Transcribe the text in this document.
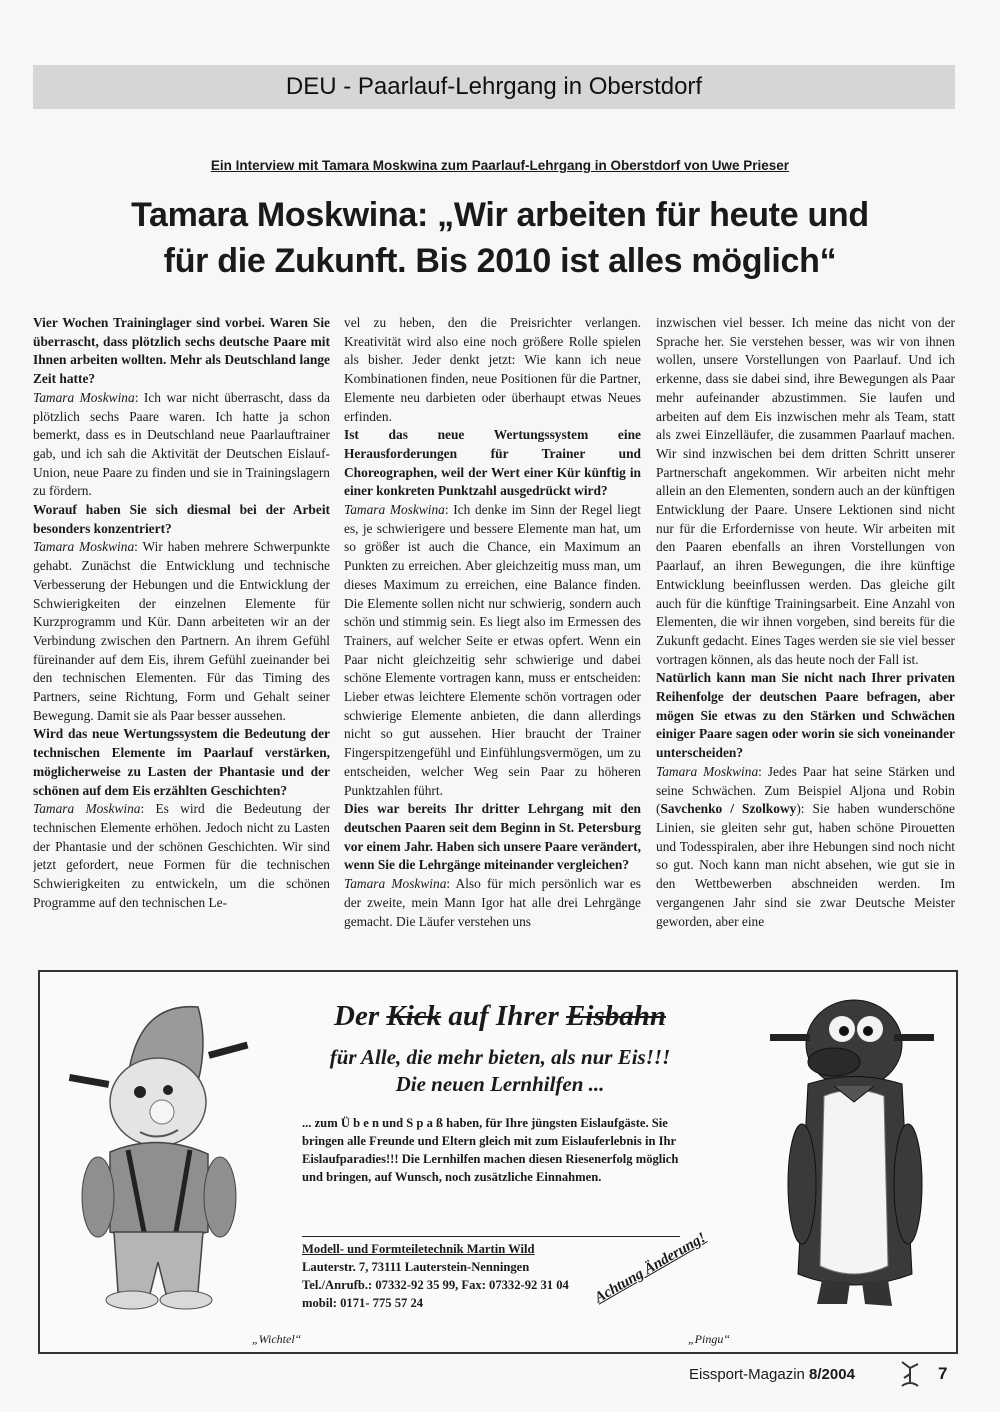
DEU - Paarlauf-Lehrgang in Oberstdorf
Ein Interview mit Tamara Moskwina zum Paarlauf-Lehrgang in Oberstdorf von Uwe Prieser
Tamara Moskwina: „Wir arbeiten für heute und
für die Zukunft. Bis 2010 ist alles möglich“

Vier Wochen Traininglager sind vorbei. Waren Sie überrascht, dass plötzlich sechs deutsche Paare mit Ihnen arbeiten wollten. Mehr als Deutschland lange Zeit hatte?

Tamara Moskwina: Ich war nicht überrascht, dass da plötzlich sechs Paare waren. Ich hatte ja schon bemerkt, dass es in Deutschland neue Paarlauftrainer gab, und ich sah die Aktivität der Deutschen Eislauf-Union, neue Paare zu finden und sie in Trainingslagern zu fördern.

Worauf haben Sie sich diesmal bei der Arbeit besonders konzentriert?

Tamara Moskwina: Wir haben mehrere Schwerpunkte gehabt. Zunächst die Entwicklung und technische Verbesserung der Hebungen und die Entwicklung der Schwierigkeiten der einzelnen Elemente für Kurzprogramm und Kür. Dann arbeiteten wir an der Verbindung zwischen den Partnern. An ihrem Gefühl füreinander auf dem Eis, ihrem Gefühl zueinander bei den technischen Elementen. Für das Timing des Partners, seine Richtung, Form und Gehalt seiner Bewegung. Damit sie als Paar besser aussehen.

Wird das neue Wertungssystem die Bedeutung der technischen Elemente im Paarlauf verstärken, möglicherweise zu Lasten der Phantasie und der schönen auf dem Eis erzählten Geschichten?

Tamara Moskwina: Es wird die Bedeutung der technischen Elemente erhöhen. Jedoch nicht zu Lasten der Phantasie und der schönen Geschichten. Wir sind jetzt gefordert, neue Formen für die technischen Schwierigkeiten zu entwickeln, um die schönen Programme auf den technischen Le-

vel zu heben, den die Preisrichter verlangen. Kreativität wird also eine noch größere Rolle spielen als bisher. Jeder denkt jetzt: Wie kann ich neue Kombinationen finden, neue Positionen für die Partner, Elemente neu darbieten oder überhaupt etwas Neues erfinden.

Ist das neue Wertungssystem eine Herausforderungen für Trainer und Choreographen, weil der Wert einer Kür künftig in einer konkreten Punktzahl ausgedrückt wird?

Tamara Moskwina: Ich denke im Sinn der Regel liegt es, je schwierigere und bessere Elemente man hat, um so größer ist auch die Chance, ein Maximum an Punkten zu erreichen. Aber gleichzeitig muss man, um dieses Maximum zu erreichen, eine Balance finden. Die Elemente sollen nicht nur schwierig, sondern auch schön und stimmig sein. Es liegt also im Ermessen des Trainers, auf welcher Seite er etwas opfert. Wenn ein Paar nicht gleichzeitig sehr schwierige und dabei schöne Elemente vortragen kann, muss er entscheiden: Lieber etwas leichtere Elemente schön vortragen oder schwierige Elemente anbieten, die dann allerdings nicht so gut aussehen. Hier braucht der Trainer Fingerspitzengefühl und Einfühlungsvermögen, um zu entscheiden, welcher Weg sein Paar zu höheren Punktzahlen führt.

Dies war bereits Ihr dritter Lehrgang mit den deutschen Paaren seit dem Beginn in St. Petersburg vor einem Jahr. Haben sich unsere Paare verändert, wenn Sie die Lehrgänge miteinander vergleichen?

Tamara Moskwina: Also für mich persönlich war es der zweite, mein Mann Igor hat alle drei Lehrgänge gemacht. Die Läufer verstehen uns

inzwischen viel besser. Ich meine das nicht von der Sprache her. Sie verstehen besser, was wir von ihnen wollen, unsere Vorstellungen von Paarlauf. Und ich erkenne, dass sie dabei sind, ihre Bewegungen als Paar mehr aufeinander abzustimmen. Sie laufen und arbeiten auf dem Eis inzwischen mehr als Team, statt als zwei Einzelläufer, die zusammen Paarlauf machen. Wir sind inzwischen bei dem dritten Schritt unserer Partnerschaft angekommen. Wir arbeiten nicht mehr allein an den Elementen, sondern auch an der künftigen Entwicklung der Paare. Unsere Lektionen sind nicht nur für die Erfordernisse von heute. Wir arbeiten mit den Paaren ebenfalls an ihren Vorstellungen von Paarlauf, an ihren Bewegungen, die ihre künftige Entwicklung beeinflussen werden. Das gleiche gilt auch für die künftige Trainingsarbeit. Eine Anzahl von Elementen, die wir ihnen vorgeben, sind bereits für die Zukunft gedacht. Eines Tages werden sie sie viel besser vortragen können, als das heute noch der Fall ist.

Natürlich kann man Sie nicht nach Ihrer privaten Reihenfolge der deutschen Paare befragen, aber mögen Sie etwas zu den Stärken und Schwächen einiger Paare sagen oder worin sie sich voneinander unterscheiden?

Tamara Moskwina: Jedes Paar hat seine Stärken und seine Schwächen. Zum Beispiel Aljona und Robin (Savchenko / Szolkowy): Sie haben wunderschöne Linien, sie gleiten sehr gut, haben schöne Pirouetten und Todesspiralen, aber ihre Hebungen sind noch nicht so gut. Noch kann man nicht absehen, wie gut sie in den Wettbewerben abschneiden werden. Im vergangenen Jahr sind sie zwar Deutsche Meister geworden, aber eine

Der Kick auf Ihrer Eisbahn
für Alle, die mehr bieten, als nur Eis!!!
Die neuen Lernhilfen ...
... zum Ü b e n und S p a ß haben, für Ihre jüngsten Eislaufgäste. Sie bringen alle Freunde und Eltern gleich mit zum Eislauferlebnis in Ihr Eislaufparadies!!! Die Lernhilfen machen diesen Riesenerfolg möglich und bringen, auf Wunsch, noch zusätzliche Einnahmen.
Modell- und Formteiletechnik Martin Wild
Lauterstr. 7, 73111 Lauterstein-Nenningen
Tel./Anrufb.: 07332-92 35 99, Fax: 07332-92 31 04
mobil: 0171- 775 57 24	Achtung Änderung!
„Wichtel“	„Pingu“
Eissport-Magazin 8/2004	7
